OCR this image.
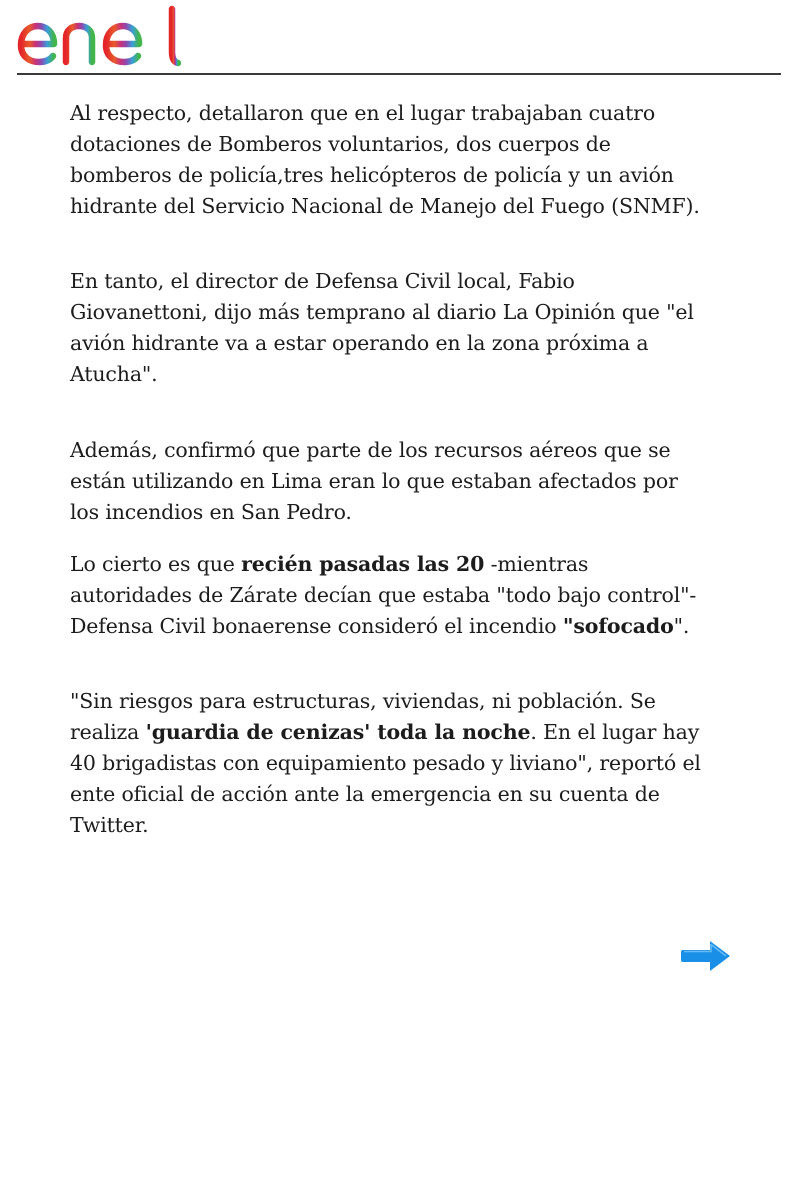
Al respecto, detallaron que en el lugar trabajaban cuatro dotaciones de Bomberos voluntarios, dos cuerpos de bomberos de policía,tres helicópteros de policía y un avión hidrante del Servicio Nacional de Manejo del Fuego (SNMF).

En tanto, el director de Defensa Civil local, Fabio Giovanettoni, dijo más temprano al diario La Opinión que "el avión hidrante va a estar operando en la zona próxima a Atucha".

Además, confirmó que parte de los recursos aéreos que se están utilizando en Lima eran lo que estaban afectados por los incendios en San Pedro.

Lo cierto es que recién pasadas las 20 -mientras autoridades de Zárate decían que estaba "todo bajo control"- Defensa Civil bonaerense consideró el incendio "sofocado".

"Sin riesgos para estructuras, viviendas, ni población. Se realiza 'guardia de cenizas' toda la noche. En el lugar hay 40 brigadistas con equipamiento pesado y liviano", reportó el ente oficial de acción ante la emergencia en su cuenta de Twitter.
